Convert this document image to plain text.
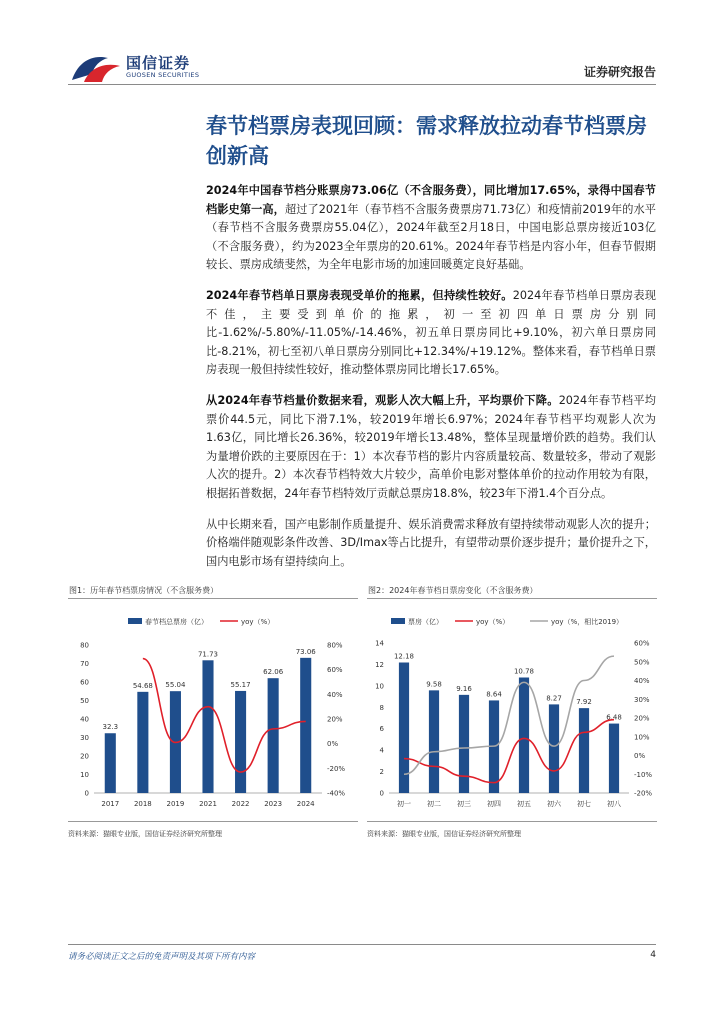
国信证券
GUOSEN SECURITIES	证券研究报告
春节档票房表现回顾：需求释放拉动春节档票房创新高

2024年中国春节档分账票房73.06亿（不含服务费），同比增加17.65%，录得中国春节档影史第一高，超过了2021年（春节档不含服务费票房71.73亿）和疫情前2019年的水平（春节档不含服务费票房55.04亿），2024年截至2月18日，中国电影总票房接近103亿（不含服务费），约为2023全年票房的20.61%。2024年春节档是内容小年，但春节假期较长、票房成绩斐然，为全年电影市场的加速回暖奠定良好基础。

2024年春节档单日票房表现受单价的拖累，但持续性较好。2024年春节档单日票房表现不佳，主要受到单价的拖累，初一至初四单日票房分别同比-1.62%/-5.80%/-11.05%/-14.46%，初五单日票房同比+9.10%，初六单日票房同比-8.21%，初七至初八单日票房分别同比+12.34%/+19.12%。整体来看，春节档单日票房表现一般但持续性较好，推动整体票房同比增长17.65%。

从2024年春节档量价数据来看，观影人次大幅上升，平均票价下降。2024年春节档平均票价44.5元，同比下滑7.1%，较2019年增长6.97%；2024年春节档平均观影人次为1.63亿，同比增长26.36%，较2019年增长13.48%，整体呈现量增价跌的趋势。我们认为量增价跌的主要原因在于：1）本次春节档的影片内容质量较高、数量较多，带动了观影人次的提升。2）本次春节档特效大片较少，高单价电影对整体单价的拉动作用较为有限，根据拓普数据，24年春节档特效厅贡献总票房18.8%，较23年下滑1.4个百分点。

从中长期来看，国产电影制作质量提升、娱乐消费需求释放有望持续带动观影人次的提升；价格端伴随观影条件改善、3D/Imax等占比提升，有望带动票价逐步提升；量价提升之下，国内电影市场有望持续向上。

图1：历年春节档票房情况（不含服务费）
春节档总票房（亿）	yoy（%）
0
10
20
30
40
50
60
70
80
-40%
-20%
0%
20%
40%
60%
80%
32.3
54.68 55.04
71.73
55.17
62.06
73.06
2017 2018 2019 2021 2022 2023 2024
资料来源：猫眼专业版，国信证券经济研究所整理
图2：2024年春节档日票房变化（不含服务费）
票房（亿）	yoy（%）	yoy（%，相比2019）
0
2
4
6
8
10
12
14
-20%
-10%
0%
10%
20%
30%
40%
50%
60%
12.18
9.58
9.16
8.64
10.78
8.27 7.92
6.48
初一 初二 初三 初四 初五 初六 初七 初八
资料来源：猫眼专业版，国信证券经济研究所整理
请务必阅读正文之后的免责声明及其项下所有内容	4
